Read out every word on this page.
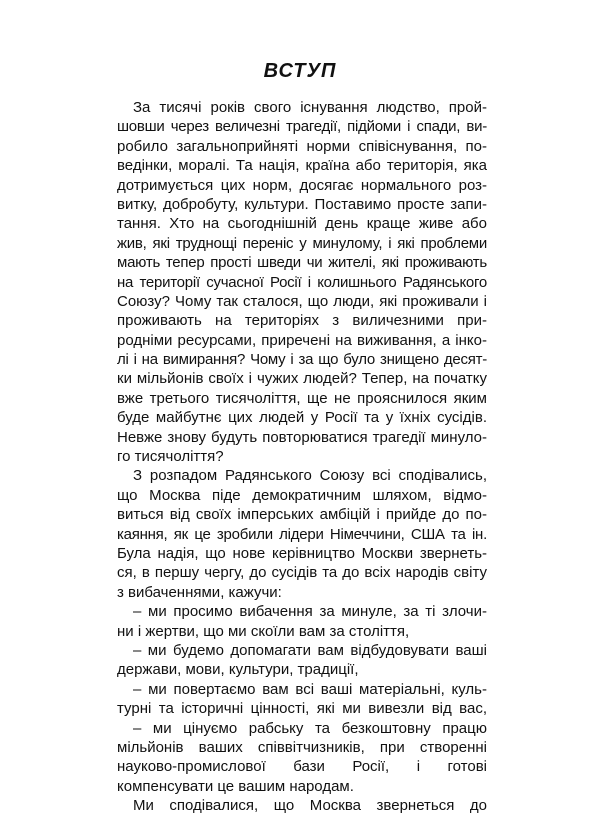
ВСТУП
За тисячі років свого існування людство, прой-
шовши через величезні трагедії, підйоми і спади, ви-
робило загальноприйняті норми співіснування, по-
ведінки, моралі. Та нація, країна або територія, яка
дотримується цих норм, досягає нормального роз-
витку, добробуту, культури. Поставимо просте запи-
тання. Хто на сьогоднішній день краще живе або
жив, які труднощі переніс у минулому, і які проблеми
мають тепер прості шведи чи жителі, які проживають
на території сучасної Росії і колишнього Радянського
Союзу? Чому так сталося, що люди, які проживали і
проживають на територіях з виличезними при-
родніми ресурсами, приречені на виживання, а інко-
лі і на вимирання? Чому і за що було знищено десят-
ки мільйонів своїх і чужих людей? Тепер, на початку
вже третього тисячоліття, ще не прояснилося яким
буде майбутнє цих людей у Росії та у їхніх сусідів.
Невже знову будуть повторюватися трагедії минуло-
го тисячоліття?
З розпадом Радянського Союзу всі сподівались,
що Москва піде демократичним шляхом, відмо-
виться від своїх імперських амбіцій і прийде до по-
каяння, як це зробили лідери Німеччини, США та ін.
Була надія, що нове керівництво Москви звернеть-
ся, в першу чергу, до сусідів та до всіх народів світу
з вибаченнями, кажучи:
– ми просимо вибачення за минуле, за ті злочи-
ни і жертви, що ми скоїли вам за століття,
– ми будемо допомагати вам відбудовувати ваші
держави, мови, культури, традиції,
– ми повертаємо вам всі ваші матеріальні, куль-
турні та історичні цінності, які ми вивезли від вас,
– ми цінуємо рабську та безкоштовну працю
мільйонів ваших співвітчизників, при створенні
науково-промислової бази Росії, і готові
компенсувати це вашим народам.
Ми сподівалися, що Москва звернеться до
